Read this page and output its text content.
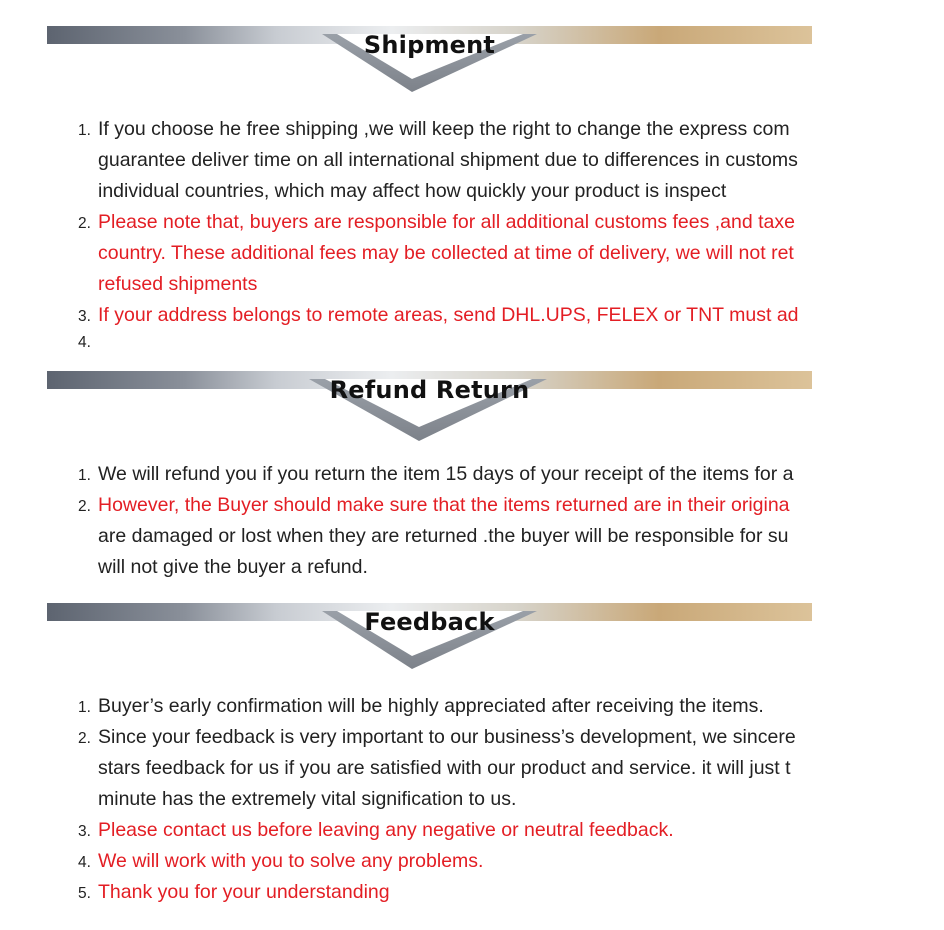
Shipment
1. If you choose he free shipping ,we will keep the right to change the express com
guarantee deliver time on all international shipment due to differences in customs
individual countries, which may affect how quickly your product is inspect
2. Please note that, buyers are responsible for all additional customs fees ,and taxe
country. These additional fees may be collected at time of delivery, we will not ret
refused shipments
3. If your address belongs to remote areas, send DHL.UPS, FELEX or TNT must ad
4.
Refund Return
1. We will refund you if you return the item 15 days of your receipt of the items for a
2. However, the Buyer should make sure that the items returned are in their origina
are damaged or lost when they are returned .the buyer will be responsible for su
will not give the buyer a refund.
Feedback
1. Buyer’s early confirmation will be highly appreciated after receiving the items.
2. Since your feedback is very important to our business’s development, we sincere
stars feedback for us if you are satisfied with our product and service. it will just t
minute has the extremely vital signification to us.
3. Please contact us before leaving any negative or neutral feedback.
4. We will work with you to solve any problems.
5. Thank you for your understanding
